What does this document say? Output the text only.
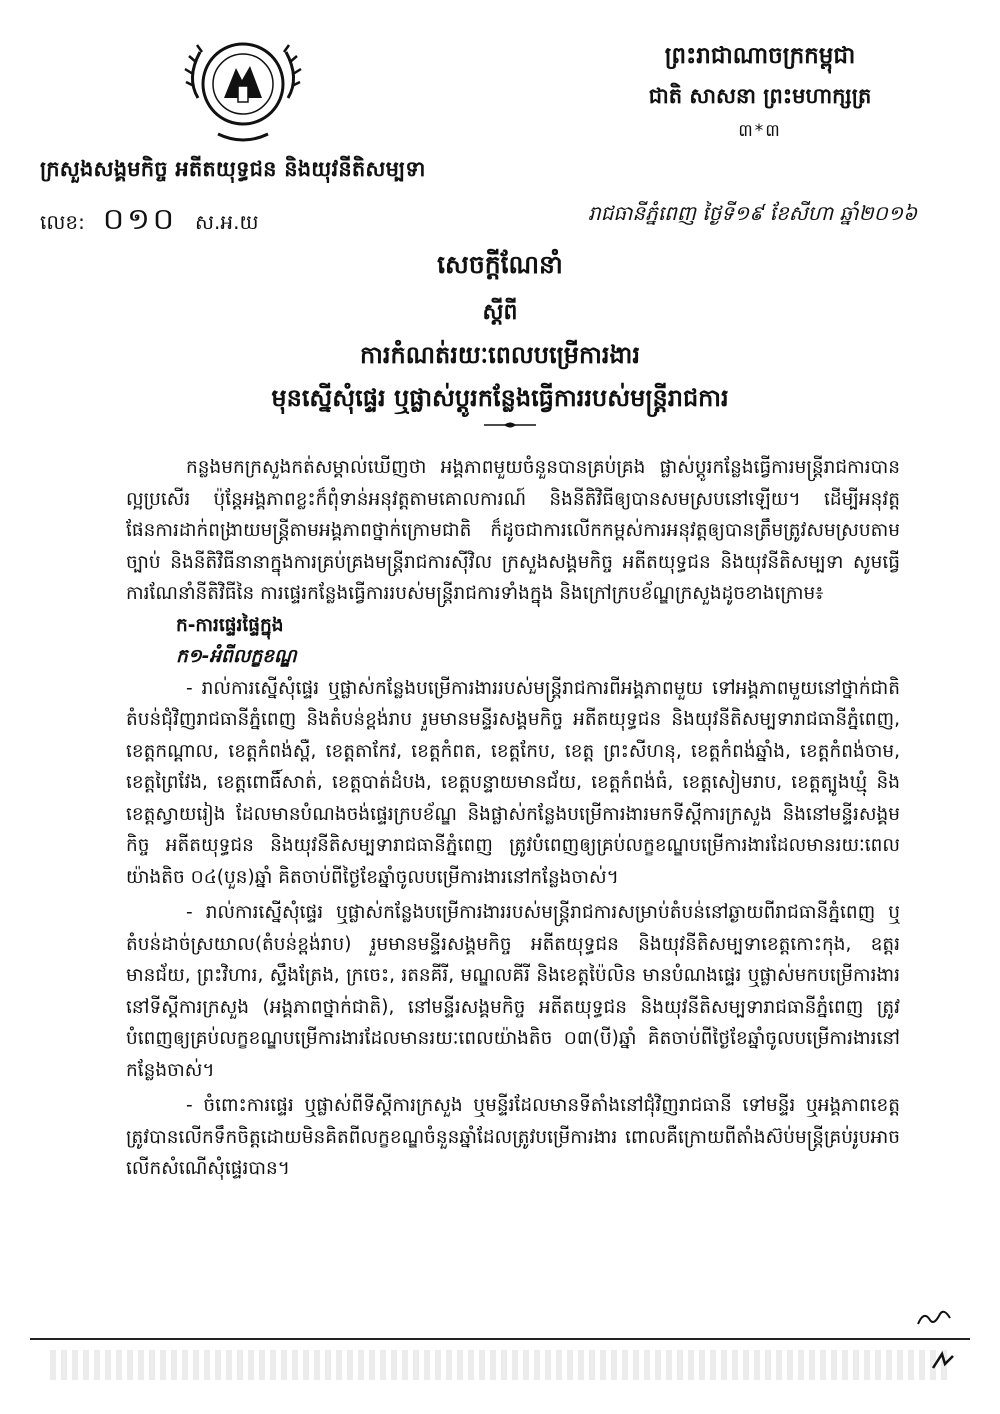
ក្រសួងសង្គមកិច្ច អតីតយុទ្ធជន និងយុវនីតិសម្បទា
លេខ: ០១០ ស.អ.យ
ព្រះរាជាណាចក្រកម្ពុជា
ជាតិ សាសនា ព្រះមហាក្សត្រ
៣*៣
រាជធានីភ្នំពេញ ថ្ងៃទី១៩ ខែសីហា ឆ្នាំ២០១៦
សេចក្តីណែនាំ
ស្តីពី
ការកំណត់រយៈពេលបម្រើការងារ
មុនស្នើសុំផ្ទេរ ឬផ្លាស់ប្តូរកន្លែងធ្វើការរបស់មន្ត្រីរាជការ

កន្លងមកក្រសួងកត់សម្គាល់ឃើញថា អង្គភាពមួយចំនួនបានគ្រប់គ្រង ផ្លាស់ប្តូរកន្លែងធ្វើការមន្ត្រីរាជការបានល្អប្រសើរ ប៉ុន្តែអង្គភាពខ្លះក៏ពុំទាន់អនុវត្តតាមគោលការណ៍ និងនីតិវិធីឲ្យបានសមស្របនៅឡើយ។ ដើម្បីអនុវត្តផែនការដាក់ពង្រាយមន្ត្រីតាមអង្គភាពថ្នាក់ក្រោមជាតិ ក៏ដូចជាការលើកកម្ពស់ការអនុវត្តឲ្យបានត្រឹមត្រូវសមស្របតាមច្បាប់ និងនីតិវិធីនានាក្នុងការគ្រប់គ្រងមន្ត្រីរាជការស៊ីវិល ក្រសួងសង្គមកិច្ច អតីតយុទ្ធជន និងយុវនីតិសម្បទា សូមធ្វើការណែនាំនីតិវិធីនៃ ការផ្ទេរកន្លែងធ្វើការរបស់មន្ត្រីរាជការទាំងក្នុង និងក្រៅក្របខ័ណ្ឌក្រសួងដូចខាងក្រោម៖

ក-ការផ្ទេរផ្ទៃក្នុង

ក១-អំពីលក្ខខណ្ឌ

- រាល់ការស្នើសុំផ្ទេរ ឬផ្លាស់កន្លែងបម្រើការងាររបស់មន្ត្រីរាជការពីអង្គភាពមួយ ទៅអង្គភាពមួយនៅថ្នាក់ជាតិតំបន់ជុំវិញរាជធានីភ្នំពេញ និងតំបន់ខ្ពង់រាប រួមមានមន្ទីរសង្គមកិច្ច អតីតយុទ្ធជន និងយុវនីតិសម្បទារាជធានីភ្នំពេញ, ខេត្តកណ្តាល, ខេត្តកំពង់ស្ពឺ, ខេត្តតាកែវ, ខេត្តកំពត, ខេត្តកែប, ខេត្ត ព្រះសីហនុ, ខេត្តកំពង់ឆ្នាំង, ខេត្តកំពង់ចាម, ខេត្តព្រៃវែង, ខេត្តពោធិ៍សាត់, ខេត្តបាត់ដំបង, ខេត្តបន្ទាយមានជ័យ, ខេត្តកំពង់ធំ, ខេត្តសៀមរាប, ខេត្តត្បូងឃ្មុំ និងខេត្តស្វាយរៀង ដែលមានបំណងចង់ផ្ទេរក្របខ័ណ្ឌ និងផ្លាស់កន្លែងបម្រើការងារមកទីស្តីការក្រសួង និងនៅមន្ទីរសង្គមកិច្ច អតីតយុទ្ធជន និងយុវនីតិសម្បទារាជធានីភ្នំពេញ ត្រូវបំពេញឲ្យគ្រប់លក្ខខណ្ឌបម្រើការងារដែលមានរយៈពេលយ៉ាងតិច ០៤(បួន)ឆ្នាំ គិតចាប់ពីថ្ងៃខែឆ្នាំចូលបម្រើការងារនៅកន្លែងចាស់។

- រាល់ការស្នើសុំផ្ទេរ ឬផ្លាស់កន្លែងបម្រើការងាររបស់មន្ត្រីរាជការសម្រាប់តំបន់នៅឆ្ងាយពីរាជធានីភ្នំពេញ ឬតំបន់ដាច់ស្រយាល(តំបន់ខ្ពង់រាប) រួមមានមន្ទីរសង្គមកិច្ច អតីតយុទ្ធជន និងយុវនីតិសម្បទាខេត្តកោះកុង, ឧត្តរមានជ័យ, ព្រះវិហារ, ស្ទឹងត្រែង, ក្រចេះ, រតនគីរី, មណ្ឌលគីរី និងខេត្តប៉ៃលិន មានបំណងផ្ទេរ ឬផ្លាស់មកបម្រើការងារនៅទីស្តីការក្រសួង (អង្គភាពថ្នាក់ជាតិ), នៅមន្ទីរសង្គមកិច្ច អតីតយុទ្ធជន និងយុវនីតិសម្បទារាជធានីភ្នំពេញ ត្រូវបំពេញឲ្យគ្រប់លក្ខខណ្ឌបម្រើការងារដែលមានរយៈពេលយ៉ាងតិច ០៣(បី)ឆ្នាំ គិតចាប់ពីថ្ងៃខែឆ្នាំចូលបម្រើការងារនៅកន្លែងចាស់។

- ចំពោះការផ្ទេរ ឬផ្លាស់ពីទីស្តីការក្រសួង ឬមន្ទីរដែលមានទីតាំងនៅជុំវិញរាជធានី ទៅមន្ទីរ ឬអង្គភាពខេត្ត ត្រូវបានលើកទឹកចិត្តដោយមិនគិតពីលក្ខខណ្ឌចំនួនឆ្នាំដែលត្រូវបម្រើការងារ ពោលគឺក្រោយពីតាំងស៊ប់មន្ត្រីគ្រប់រូបអាចលើកសំណើសុំផ្ទេរបាន។
